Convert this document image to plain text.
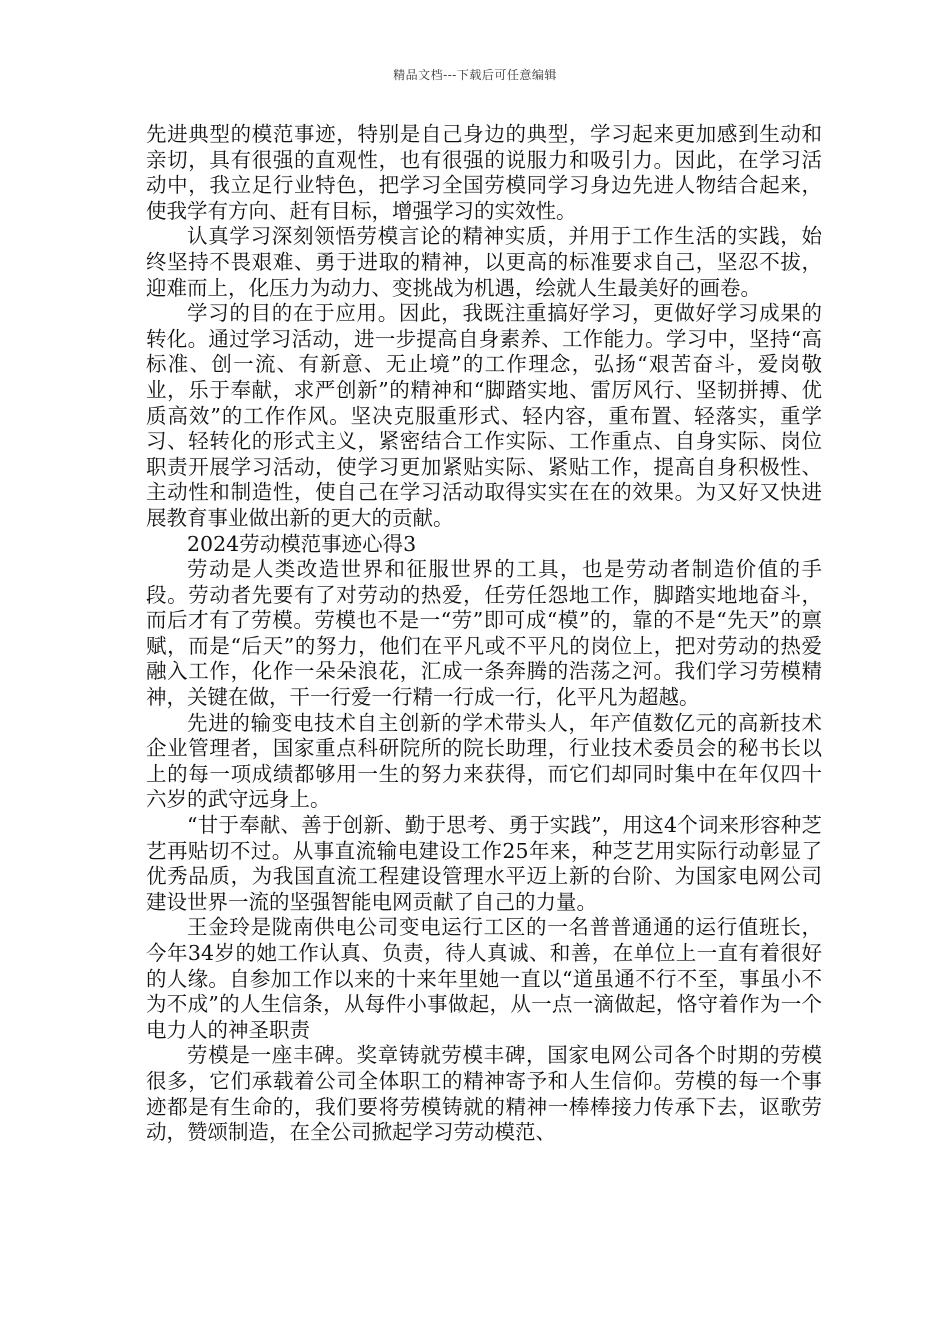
精品文档---下载后可任意编辑

先进典型的模范事迹，特别是自己身边的典型，学习起来更加感到生动和亲切，具有很强的直观性，也有很强的说服力和吸引力。因此，在学习活动中，我立足行业特色，把学习全国劳模同学习身边先进人物结合起来，使我学有方向、赶有目标，增强学习的实效性。

认真学习深刻领悟劳模言论的精神实质，并用于工作生活的实践，始终坚持不畏艰难、勇于进取的精神，以更高的标准要求自己，坚忍不拔，迎难而上，化压力为动力、变挑战为机遇，绘就人生最美好的画卷。

学习的目的在于应用。因此，我既注重搞好学习，更做好学习成果的转化。通过学习活动，进一步提高自身素养、工作能力。学习中，坚持“高标准、创一流、有新意、无止境”的工作理念，弘扬“艰苦奋斗，爱岗敬业，乐于奉献，求严创新”的精神和“脚踏实地、雷厉风行、坚韧拼搏、优质高效”的工作作风。坚决克服重形式、轻内容，重布置、轻落实，重学习、轻转化的形式主义，紧密结合工作实际、工作重点、自身实际、岗位职责开展学习活动，使学习更加紧贴实际、紧贴工作，提高自身积极性、主动性和制造性，使自己在学习活动取得实实在在的效果。为又好又快进展教育事业做出新的更大的贡献。

2024劳动模范事迹心得3

劳动是人类改造世界和征服世界的工具，也是劳动者制造价值的手段。劳动者先要有了对劳动的热爱，任劳任怨地工作，脚踏实地地奋斗，而后才有了劳模。劳模也不是一“劳”即可成“模”的，靠的不是“先天”的禀赋，而是“后天”的努力，他们在平凡或不平凡的岗位上，把对劳动的热爱融入工作，化作一朵朵浪花，汇成一条奔腾的浩荡之河。我们学习劳模精神，关键在做，干一行爱一行精一行成一行，化平凡为超越。

先进的输变电技术自主创新的学术带头人，年产值数亿元的高新技术企业管理者，国家重点科研院所的院长助理，行业技术委员会的秘书长以上的每一项成绩都够用一生的努力来获得，而它们却同时集中在年仅四十六岁的武守远身上。

“甘于奉献、善于创新、勤于思考、勇于实践”，用这4个词来形容种芝艺再贴切不过。从事直流输电建设工作25年来，种芝艺用实际行动彰显了优秀品质，为我国直流工程建设管理水平迈上新的台阶、为国家电网公司建设世界一流的坚强智能电网贡献了自己的力量。

王金玲是陇南供电公司变电运行工区的一名普普通通的运行值班长，今年34岁的她工作认真、负责，待人真诚、和善，在单位上一直有着很好的人缘。自参加工作以来的十来年里她一直以“道虽通不行不至，事虽小不为不成”的人生信条，从每件小事做起，从一点一滴做起，恪守着作为一个电力人的神圣职责

劳模是一座丰碑。奖章铸就劳模丰碑，国家电网公司各个时期的劳模很多，它们承载着公司全体职工的精神寄予和人生信仰。劳模的每一个事迹都是有生命的，我们要将劳模铸就的精神一棒棒接力传承下去，讴歌劳动，赞颂制造，在全公司掀起学习劳动模范、
